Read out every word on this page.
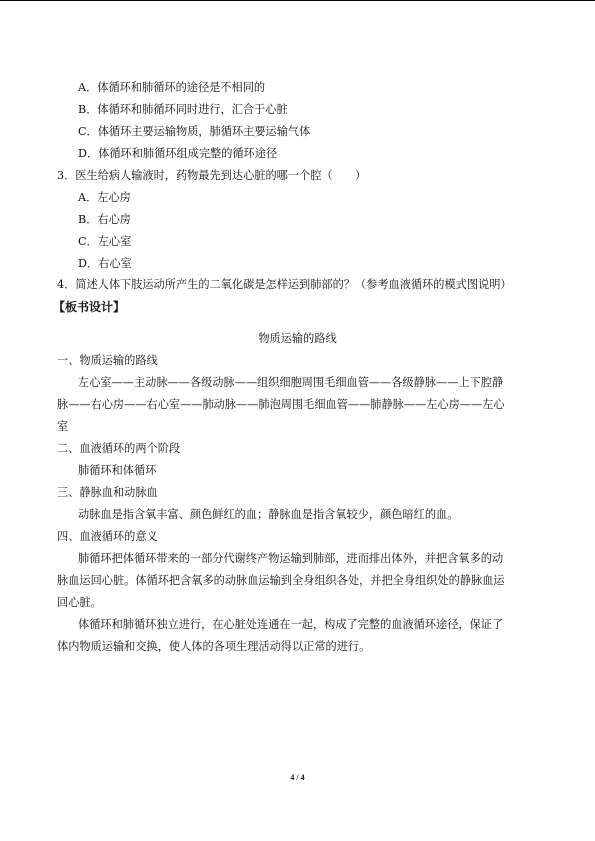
A．体循环和肺循环的途径是不相同的
B．体循环和肺循环同时进行，汇合于心脏
C．体循环主要运输物质，肺循环主要运输气体
D．体循环和肺循环组成完整的循环途径
3．医生给病人输液时，药物最先到达心脏的哪一个腔（　　）
A．左心房
B．右心房
C．左心室
D．右心室
4．简述人体下肢运动所产生的二氧化碳是怎样运到肺部的？（参考血液循环的模式图说明）
【板书设计】
物质运输的路线
一、物质运输的路线
左心室——主动脉——各级动脉——组织细胞周围毛细血管——各级静脉——上下腔静
脉——右心房——右心室——肺动脉——肺泡周围毛细血管——肺静脉——左心房——左心
室
二、血液循环的两个阶段
肺循环和体循环
三、静脉血和动脉血
动脉血是指含氧丰富、颜色鲜红的血；静脉血是指含氧较少，颜色暗红的血。
四、血液循环的意义
肺循环把体循环带来的一部分代谢终产物运输到肺部，进而排出体外，并把含氧多的动
脉血运回心脏。体循环把含氧多的动脉血运输到全身组织各处，并把全身组织处的静脉血运
回心脏。
体循环和肺循环独立进行，在心脏处连通在一起，构成了完整的血液循环途径，保证了
体内物质运输和交换，使人体的各项生理活动得以正常的进行。
4 / 4
